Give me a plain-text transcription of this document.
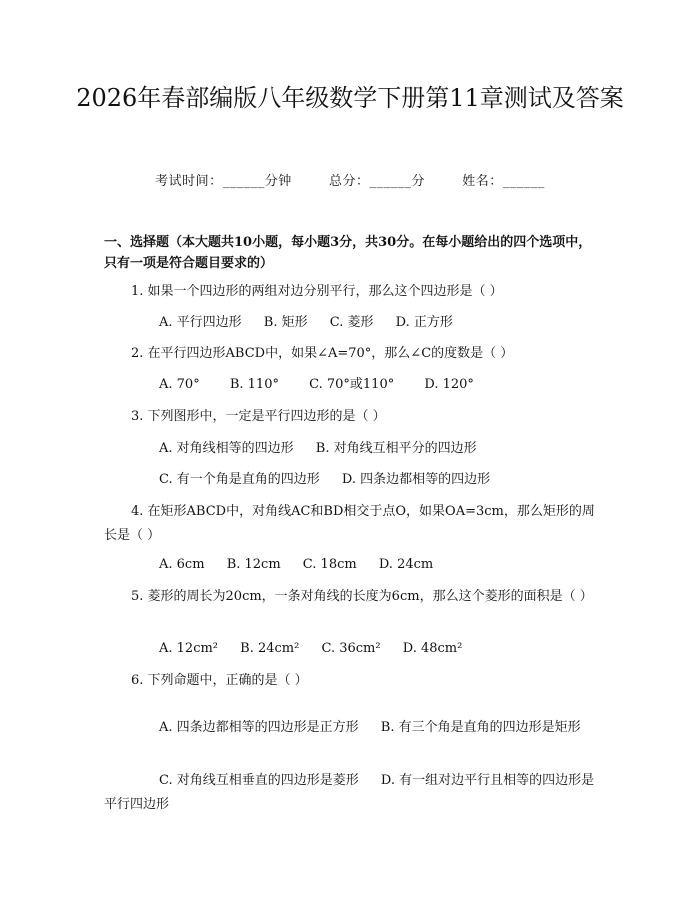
2026年春部编版八年级数学下册第11章测试及答案
考试时间：______分钟	总分：______分	姓名：______

一、选择题（本大题共10小题，每小题3分，共30分。在每小题给出的四个选项中，只有一项是符合题目要求的）

1. 如果一个四边形的两组对边分别平行，那么这个四边形是（ ）

A. 平行四边形 B. 矩形 C. 菱形 D. 正方形

2. 在平行四边形ABCD中，如果∠A=70°，那么∠C的度数是（ ）

A. 70° B. 110° C. 70°或110° D. 120°

3. 下列图形中，一定是平行四边形的是（ ）

A. 对角线相等的四边形 B. 对角线互相平分的四边形
C. 有一个角是直角的四边形 D. 四条边都相等的四边形

4. 在矩形ABCD中，对角线AC和BD相交于点O，如果OA=3cm，那么矩形的周长是（ ）

A. 6cm B. 12cm C. 18cm D. 24cm

5. 菱形的周长为20cm，一条对角线的长度为6cm，那么这个菱形的面积是（ ）

A. 12cm² B. 24cm² C. 36cm² D. 48cm²

6. 下列命题中，正确的是（ ）

A. 四条边都相等的四边形是正方形 B. 有三个角是直角的四边形是矩形

C. 对角线互相垂直的四边形是菱形 D. 有一组对边平行且相等的四边形是平行四边形
